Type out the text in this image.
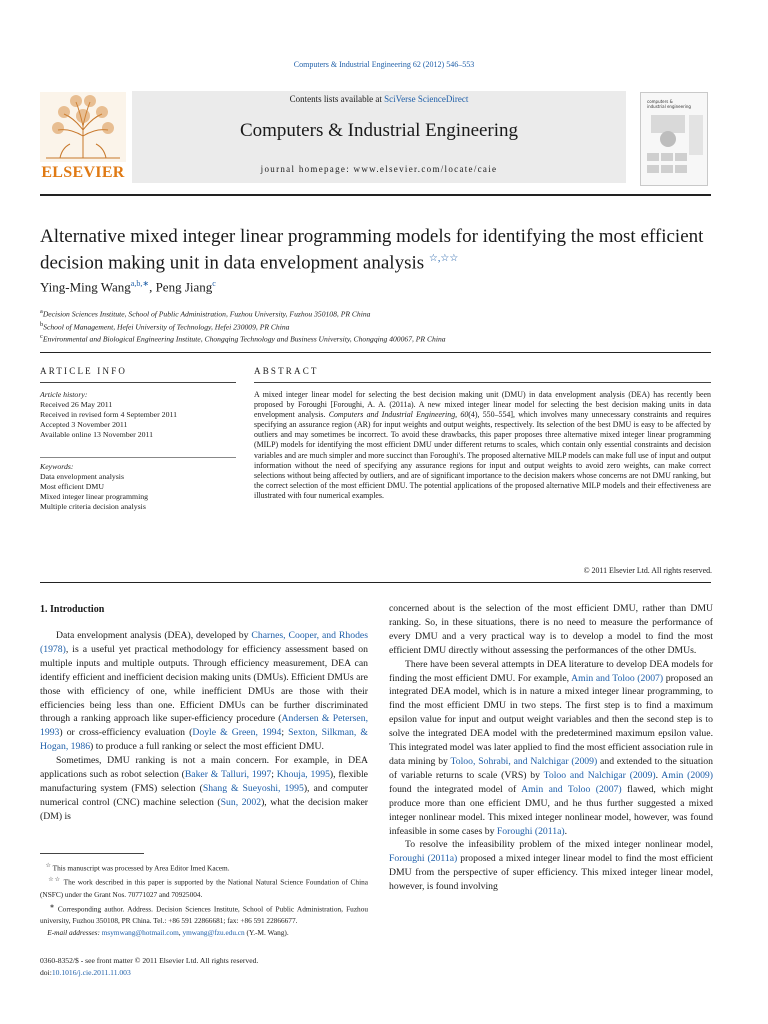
Computers & Industrial Engineering 62 (2012) 546–553
Contents lists available at SciVerse ScienceDirect
Computers & Industrial Engineering
journal homepage: www.elsevier.com/locate/caie
ELSEVIER
computers &
industrial engineering
Alternative mixed integer linear programming models for identifying the most efficient decision making unit in data envelopment analysis ☆,☆☆
Ying-Ming Wang$^{a,b,∗}$, Peng Jiang$^c$
$^a$Decision Sciences Institute, School of Public Administration, Fuzhou University, Fuzhou 350108, PR China
$^b$School of Management, Hefei University of Technology, Hefei 230009, PR China
$^c$Environmental and Biological Engineering Institute, Chongqing Technology and Business University, Chongqing 400067, PR China
ARTICLE INFO
Article history:
Received 26 May 2011
Received in revised form 4 September 2011
Accepted 3 November 2011
Available online 13 November 2011
Keywords:
Data envelopment analysis
Most efficient DMU
Mixed integer linear programming
Multiple criteria decision analysis
ABSTRACT
A mixed integer linear model for selecting the best decision making unit (DMU) in data envelopment analysis (DEA) has recently been proposed by Foroughi [Foroughi, A. A. (2011a). A new mixed integer linear model for selecting the best decision making units in data envelopment analysis. Computers and Industrial Engineering, 60(4), 550–554], which involves many unnecessary constraints and requires specifying an assurance region (AR) for input weights and output weights, respectively. Its selection of the best DMU is easy to be affected by outliers and may sometimes be incorrect. To avoid these drawbacks, this paper proposes three alternative mixed integer linear programming (MILP) models for identifying the most efficient DMU under different returns to scales, which contain only essential constraints and decision variables and are much simpler and more succinct than Foroughi's. The proposed alternative MILP models can make full use of input and output information without the need of specifying any assurance regions for input and output weights to avoid zero weights, can make correct selections without being affected by outliers, and are of significant importance to the decision makers whose concerns are not DMU ranking, but the correct selection of the most efficient DMU. The potential applications of the proposed alternative MILP models and their effectiveness are illustrated with four numerical examples.
© 2011 Elsevier Ltd. All rights reserved.
1. Introduction

Data envelopment analysis (DEA), developed by Charnes, Cooper, and Rhodes (1978), is a useful yet practical methodology for efficiency assessment based on multiple inputs and multiple outputs. Through efficiency measurement, DEA can identify efficient and inefficient decision making units (DMUs). Efficient DMUs are those with efficiency of one, while inefficient DMUs are those with their efficiencies being less than one. Efficient DMUs can be further discriminated through a ranking approach like super-efficiency procedure (Andersen & Petersen, 1993) or cross-efficiency evaluation (Doyle & Green, 1994; Sexton, Silkman, & Hogan, 1986) to produce a full ranking or select the most efficient DMU.

Sometimes, DMU ranking is not a main concern. For example, in DEA applications such as robot selection (Baker & Talluri, 1997; Khouja, 1995), flexible manufacturing system (FMS) selection (Shang & Sueyoshi, 1995), and computer numerical control (CNC) machine selection (Sun, 2002), what the decision maker (DM) is

concerned about is the selection of the most efficient DMU, rather than DMU ranking. So, in these situations, there is no need to measure the performance of every DMU and a very practical way is to develop a model to find the most efficient DMU directly without assessing the performances of the other DMUs.

There have been several attempts in DEA literature to develop DEA models for finding the most efficient DMU. For example, Amin and Toloo (2007) proposed an integrated DEA model, which is in nature a mixed integer linear programming, to find the most efficient DMU in two steps. The first step is to find a maximum epsilon value for input and output weight variables and then the second step is to solve the integrated DEA model with the predetermined maximum epsilon value. This integrated model was later applied to find the most efficient association rule in data mining by Toloo, Sohrabi, and Nalchigar (2009) and extended to the situation of variable returns to scale (VRS) by Toloo and Nalchigar (2009). Amin (2009) found the integrated model of Amin and Toloo (2007) flawed, which might produce more than one efficient DMU, and he thus further suggested a mixed integer nonlinear model. This mixed integer nonlinear model, however, was found infeasible in some cases by Foroughi (2011a).

To resolve the infeasibility problem of the mixed integer nonlinear model, Foroughi (2011a) proposed a mixed integer linear model to find the most efficient DMU from the perspective of super efficiency. This mixed integer linear model, however, is found involving

☆ This manuscript was processed by Area Editor Imed Kacem.

☆☆ The work described in this paper is supported by the National Natural Science Foundation of China (NSFC) under the Grant Nos. 70771027 and 70925004.

∗ Corresponding author. Address. Decision Sciences Institute, School of Public Administration, Fuzhou university, Fuzhou 350108, PR China. Tel.: +86 591 22866681; fax: +86 591 22866677.

E-mail addresses: msymwang@hotmail.com, ymwang@fzu.edu.cn (Y.-M. Wang).

0360-8352/$ - see front matter © 2011 Elsevier Ltd. All rights reserved.
doi:10.1016/j.cie.2011.11.003
